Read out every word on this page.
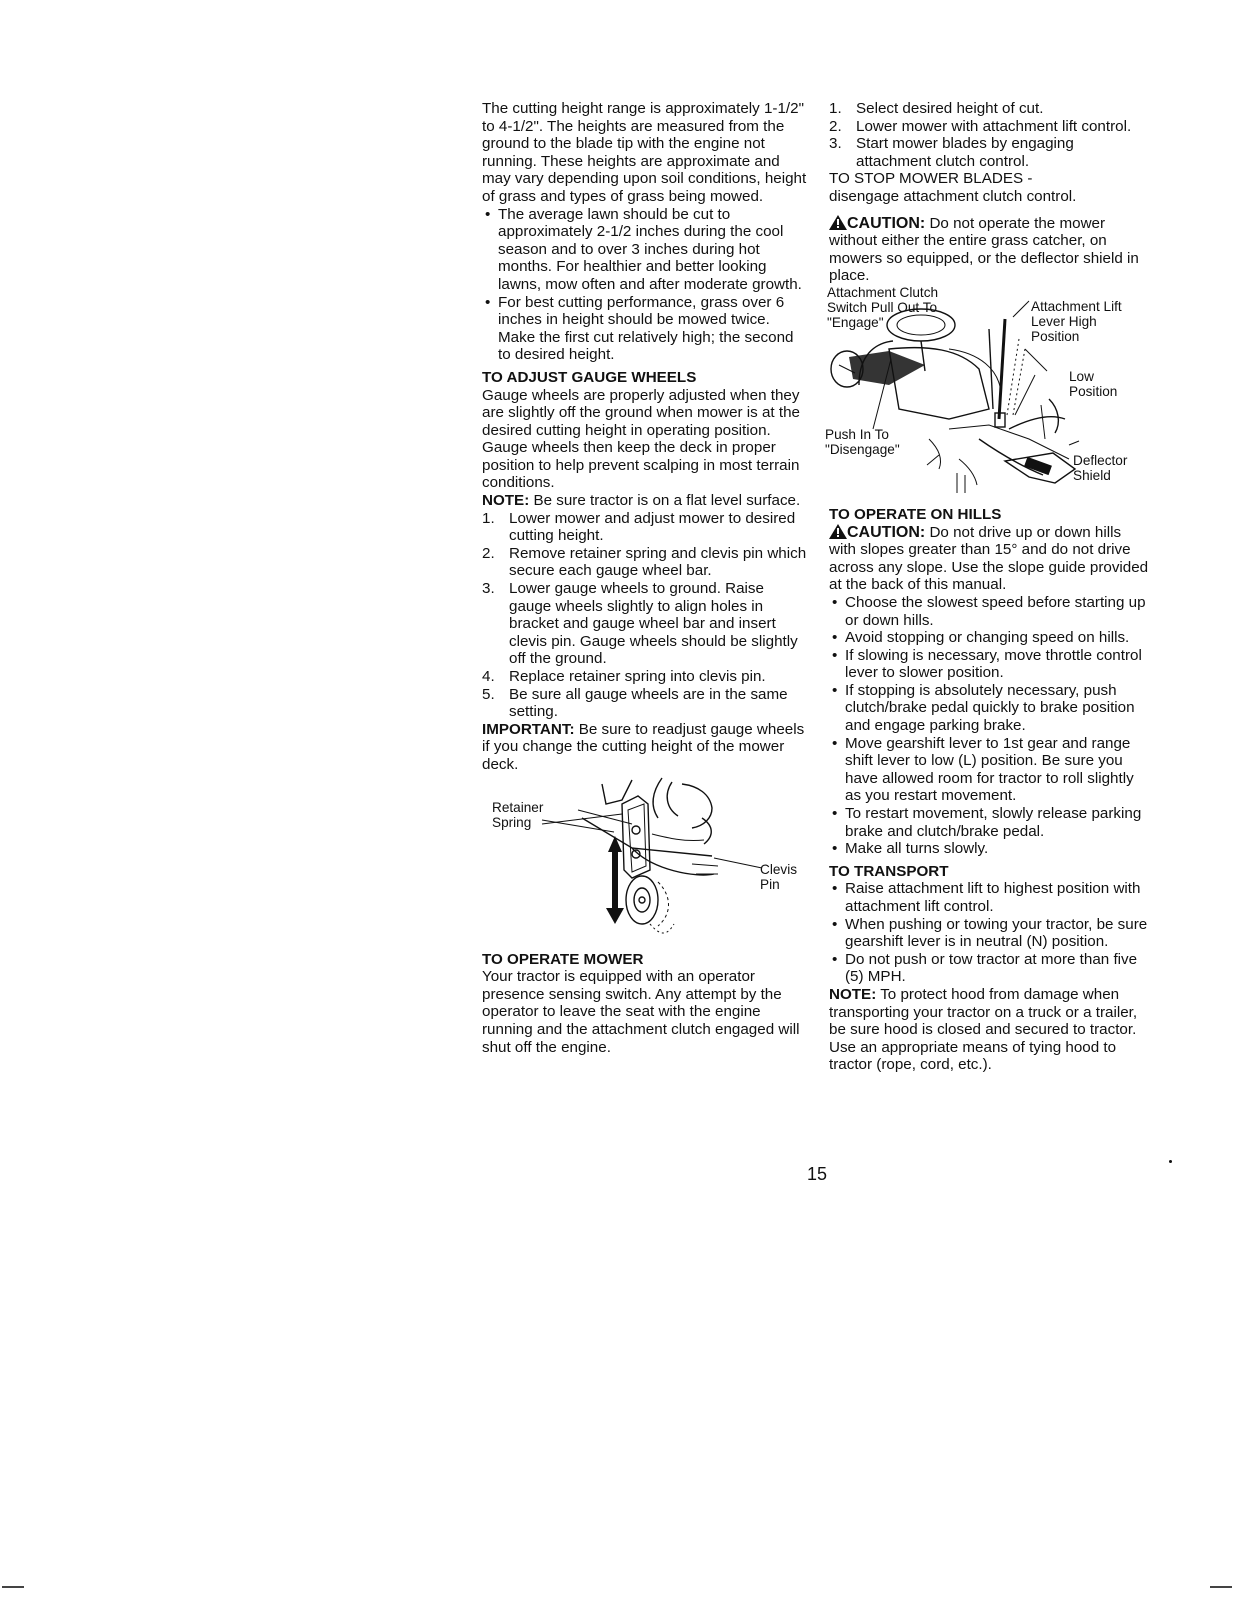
The cutting height range is approximately 1-1/2" to 4-1/2". The heights are measured from the ground to the blade tip with the engine not running. These heights are approximate and may vary depending upon soil conditions, height of grass and types of grass being mowed.

• The average lawn should be cut to approximately 2-1/2 inches during the cool season and to over 3 inches during hot months. For healthier and better looking lawns, mow often and after moderate growth.
• For best cutting performance, grass over 6 inches in height should be mowed twice. Make the first cut relatively high; the second to desired height.

TO ADJUST GAUGE WHEELS

Gauge wheels are properly adjusted when they are slightly off the ground when mower is at the desired cutting height in operating position. Gauge wheels then keep the deck in proper position to help prevent scalping in most terrain conditions.

NOTE: Be sure tractor is on a flat level surface.

1. Lower mower and adjust mower to desired cutting height.
2. Remove retainer spring and clevis pin which secure each gauge wheel bar.
3. Lower gauge wheels to ground. Raise gauge wheels slightly to align holes in bracket and gauge wheel bar and insert clevis pin. Gauge wheels should be slightly off the ground.
4. Replace retainer spring into clevis pin.
5. Be sure all gauge wheels are in the same setting.

IMPORTANT: Be sure to readjust gauge wheels if you change the cutting height of the mower deck.

Retainer
Spring
Clevis
Pin

TO OPERATE MOWER

Your tractor is equipped with an operator presence sensing switch. Any attempt by the operator to leave the seat with the engine running and the attachment clutch engaged will shut off the engine.

1. Select desired height of cut.
2. Lower mower with attachment lift control.
3. Start mower blades by engaging attachment clutch control.

TO STOP MOWER BLADES -

disengage attachment clutch control.

CAUTION: Do not operate the mower without either the entire grass catcher, on mowers so equipped, or the deflector shield in place.

Attachment Clutch
Switch Pull Out To
"Engage"
Attachment Lift
Lever High
Position
Low
Position
Push In To
"Disengage"
Deflector
Shield

TO OPERATE ON HILLS

CAUTION: Do not drive up or down hills with slopes greater than 15° and do not drive across any slope. Use the slope guide provided at the back of this manual.

• Choose the slowest speed before starting up or down hills.
• Avoid stopping or changing speed on hills.
• If slowing is necessary, move throttle control lever to slower position.
• If stopping is absolutely necessary, push clutch/brake pedal quickly to brake position and engage parking brake.
• Move gearshift lever to 1st gear and range shift lever to low (L) position. Be sure you have allowed room for tractor to roll slightly as you restart movement.
• To restart movement, slowly release parking brake and clutch/brake pedal.
• Make all turns slowly.

TO TRANSPORT

• Raise attachment lift to highest position with attachment lift control.
• When pushing or towing your tractor, be sure gearshift lever is in neutral (N) position.
• Do not push or tow tractor at more than five (5) MPH.

NOTE: To protect hood from damage when transporting your tractor on a truck or a trailer, be sure hood is closed and secured to tractor. Use an appropriate means of tying hood to tractor (rope, cord, etc.).

15
